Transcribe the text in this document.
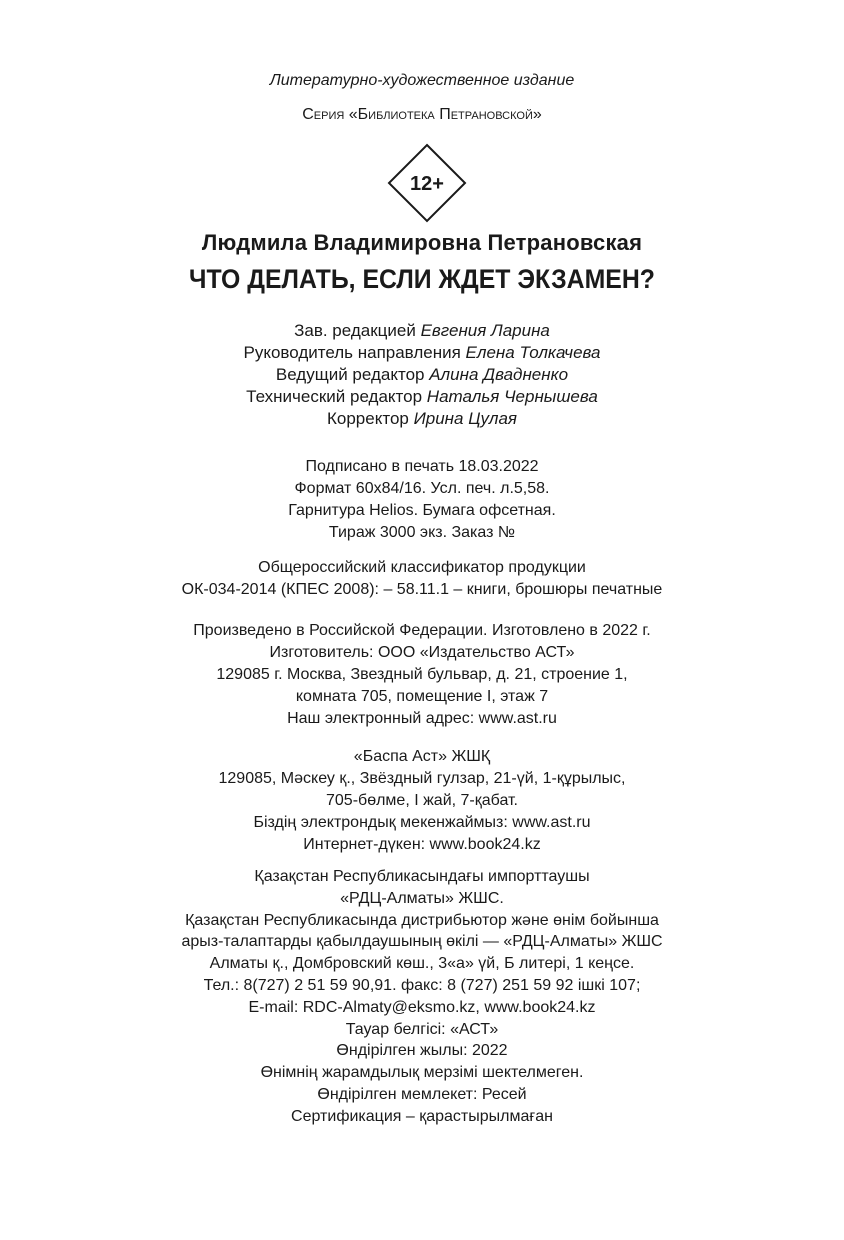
Литературно-художественное издание
Серия «Библиотека Петрановской»
12+
Людмила Владимировна Петрановская
ЧТО ДЕЛАТЬ, ЕСЛИ ЖДЕТ ЭКЗАМЕН?
Зав. редакцией Евгения Ларина
Руководитель направления Елена Толкачева
Ведущий редактор Алина Двадненко
Технический редактор Наталья Чернышева
Корректор Ирина Цулая
Подписано в печать 18.03.2022
Формат 60x84/16. Усл. печ. л.5,58.
Гарнитура Helios. Бумага офсетная.
Тираж 3000 экз. Заказ №
Общероссийский классификатор продукции
ОК-034-2014 (КПЕС 2008): – 58.11.1 – книги, брошюры печатные
Произведено в Российской Федерации. Изготовлено в 2022 г.
Изготовитель: ООО «Издательство АСТ»
129085 г. Москва, Звездный бульвар, д. 21, строение 1,
комната 705, помещение I, этаж 7
Наш электронный адрес: www.ast.ru
«Баспа Аст» ЖШҚ
129085, Мәскеу қ., Звёздный гулзар, 21-үй, 1-құрылыс,
705-бөлме, I жай, 7-қабат.
Біздің электрондық мекенжаймыз: www.ast.ru
Интернет-дүкен: www.book24.kz
Қазақстан Республикасындағы импорттаушы
«РДЦ-Алматы» ЖШС.
Қазақстан Республикасында дистрибьютор және өнім бойынша
арыз-талаптарды қабылдаушының өкілі — «РДЦ-Алматы» ЖШС
Алматы қ., Домбровский көш., 3«а» үй, Б литері, 1 кеңсе.
Тел.: 8(727) 2 51 59 90,91. факс: 8 (727) 251 59 92 ішкі 107;
E-mail: RDC-Almaty@eksmo.kz, www.book24.kz
Тауар белгісі: «АСТ»
Өндірілген жылы: 2022
Өнімнің жарамдылық мерзімі шектелмеген.
Өндірілген мемлекет: Ресей
Сертификация – қарастырылмаған
